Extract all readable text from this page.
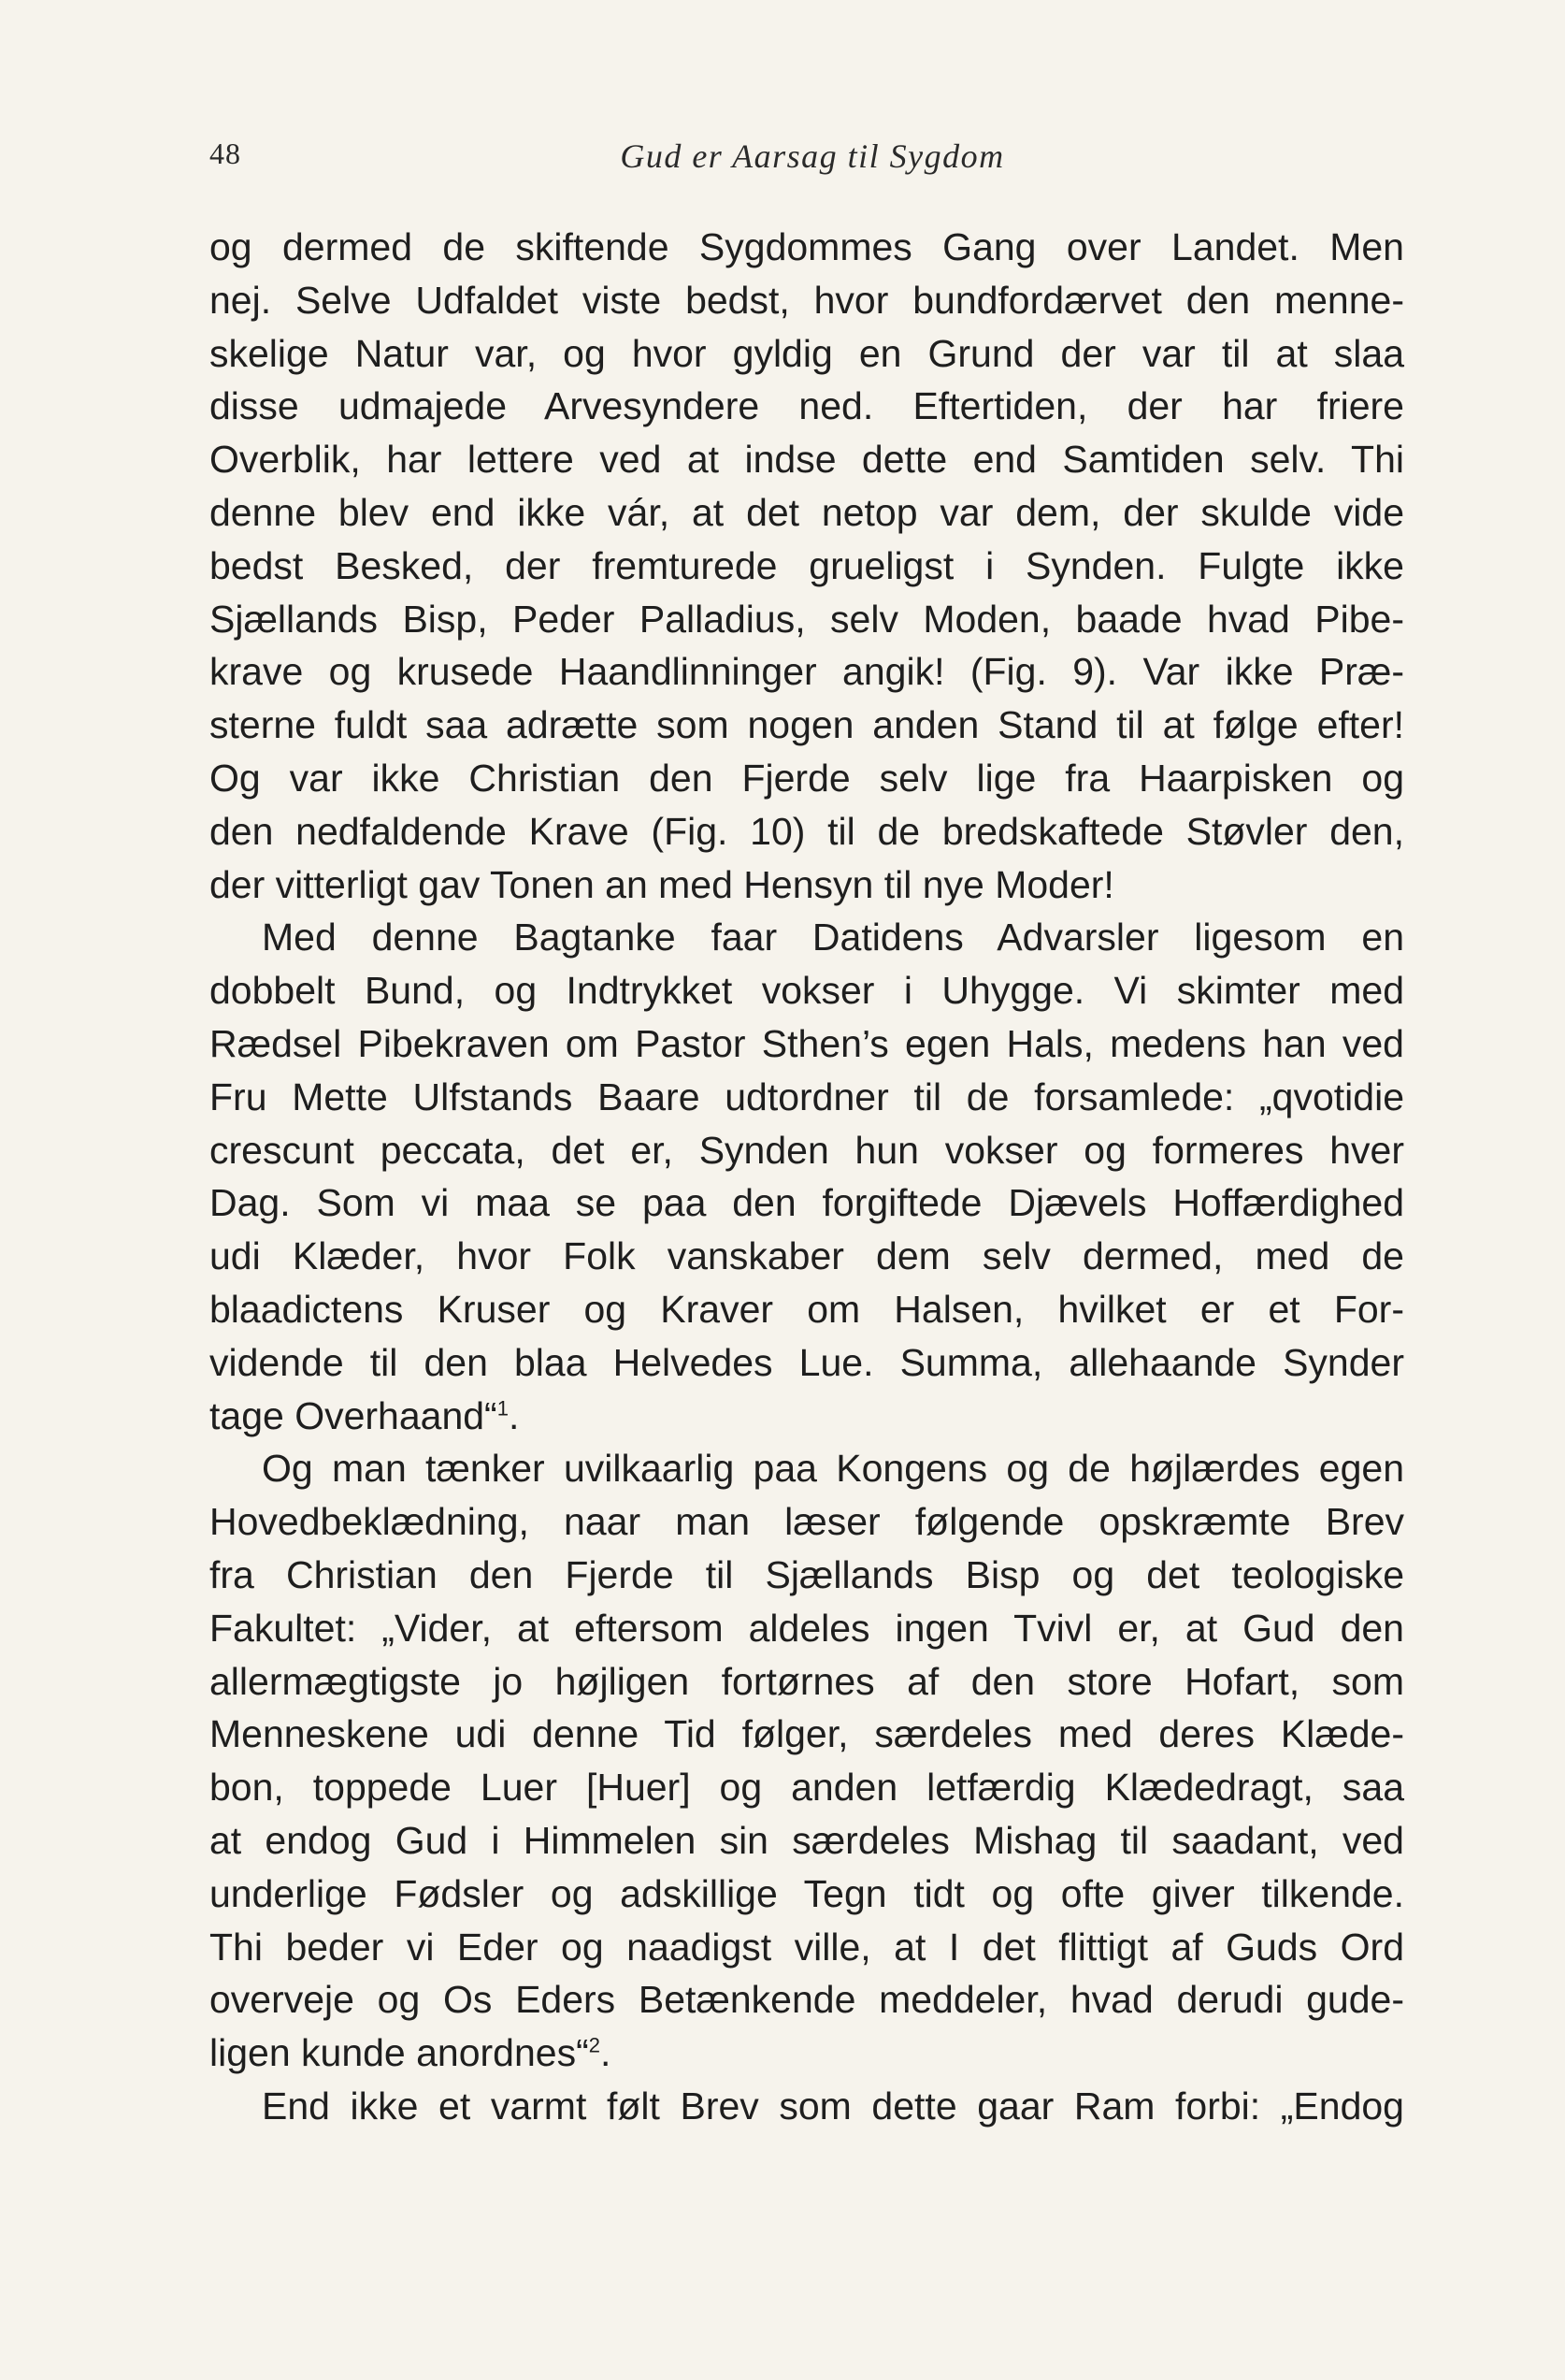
48	Gud er Aarsag til Sygdom
og dermed de skiftende Sygdommes Gang over Landet. Men
nej. Selve Udfaldet viste bedst, hvor bundfordærvet den menne-
skelige Natur var, og hvor gyldig en Grund der var til at slaa
disse udmajede Arvesyndere ned. Eftertiden, der har friere
Overblik, har lettere ved at indse dette end Samtiden selv. Thi
denne blev end ikke vár, at det netop var dem, der skulde vide
bedst Besked, der fremturede grueligst i Synden. Fulgte ikke
Sjællands Bisp, Peder Palladius, selv Moden, baade hvad Pibe-
krave og krusede Haandlinninger angik! (Fig. 9). Var ikke Præ-
sterne fuldt saa adrætte som nogen anden Stand til at følge efter!
Og var ikke Christian den Fjerde selv lige fra Haarpisken og
den nedfaldende Krave (Fig. 10) til de bredskaftede Støvler den,
der vitterligt gav Tonen an med Hensyn til nye Moder!
Med denne Bagtanke faar Datidens Advarsler ligesom en
dobbelt Bund, og Indtrykket vokser i Uhygge. Vi skimter med
Rædsel Pibekraven om Pastor Sthen’s egen Hals, medens han ved
Fru Mette Ulfstands Baare udtordner til de forsamlede: „qvotidie
crescunt peccata, det er, Synden hun vokser og formeres hver
Dag. Som vi maa se paa den forgiftede Djævels Hoffærdighed
udi Klæder, hvor Folk vanskaber dem selv dermed, med de
blaadictens Kruser og Kraver om Halsen, hvilket er et For-
vidende til den blaa Helvedes Lue. Summa, allehaande Synder
tage Overhaand“$^1$.
Og man tænker uvilkaarlig paa Kongens og de højlærdes egen
Hovedbeklædning, naar man læser følgende opskræmte Brev
fra Christian den Fjerde til Sjællands Bisp og det teologiske
Fakultet: „Vider, at eftersom aldeles ingen Tvivl er, at Gud den
allermægtigste jo højligen fortørnes af den store Hofart, som
Menneskene udi denne Tid følger, særdeles med deres Klæde-
bon, toppede Luer [Huer] og anden letfærdig Klædedragt, saa
at endog Gud i Himmelen sin særdeles Mishag til saadant, ved
underlige Fødsler og adskillige Tegn tidt og ofte giver tilkende.
Thi beder vi Eder og naadigst ville, at I det flittigt af Guds Ord
overveje og Os Eders Betænkende meddeler, hvad derudi gude-
ligen kunde anordnes“$^2$.
End ikke et varmt følt Brev som dette gaar Ram forbi: „Endog
